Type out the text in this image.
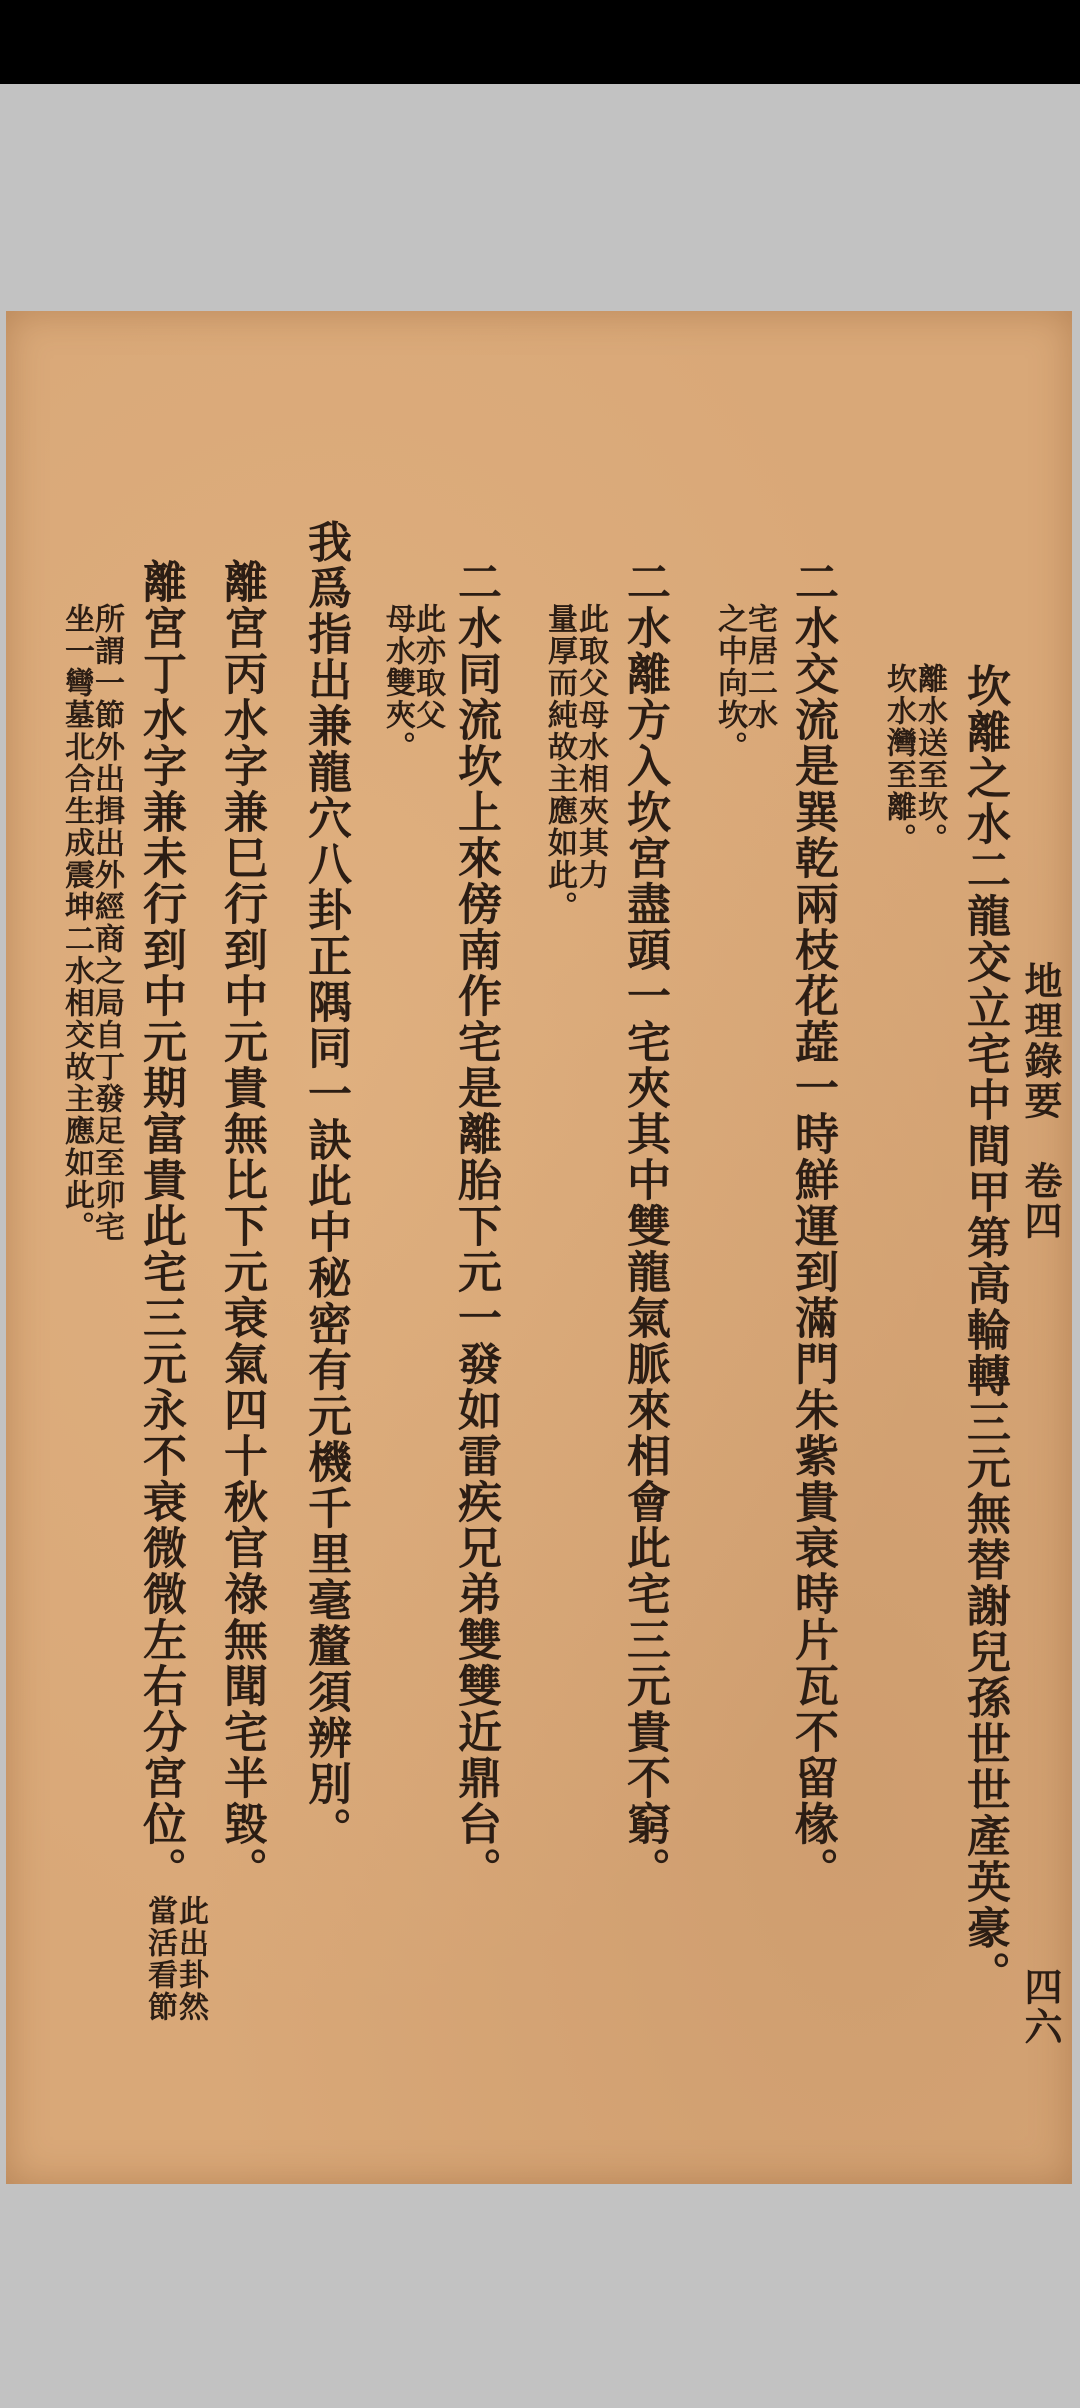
地理錄要　卷四
四六
坎離之水二龍交立宅中間甲第高輪轉三元無替謝兒孫世世產英豪。
離水送至坎。
坎水灣至離。
二水交流是巽乾兩枝花蕋一時鮮運到滿門朱紫貴衰時片瓦不留椽。
宅居二水
之中向坎。
二水離方入坎宮盡頭一宅夾其中雙龍氣脈來相會此宅三元貴不窮。
此取父母水相夾其力
量厚而純故主應如此。
二水同流坎上來傍南作宅是離胎下元一發如雷疾兄弟雙雙近鼎台。
此亦取父
母水雙夾。
我爲指出兼龍穴八卦正隅同一訣此中秘密有元機千里毫釐須辨別。
離宮丙水字兼巳行到中元貴無比下元衰氣四十秋官祿無聞宅半毀。
離宮丁水字兼未行到中元期富貴此宅三元永不衰微微左右分宮位。
所謂一節外出揖出外經商之局自丁發足至卯宅
坐一彎墓北合生成震坤二水相交故主應如此。
此出卦然
當活看節
